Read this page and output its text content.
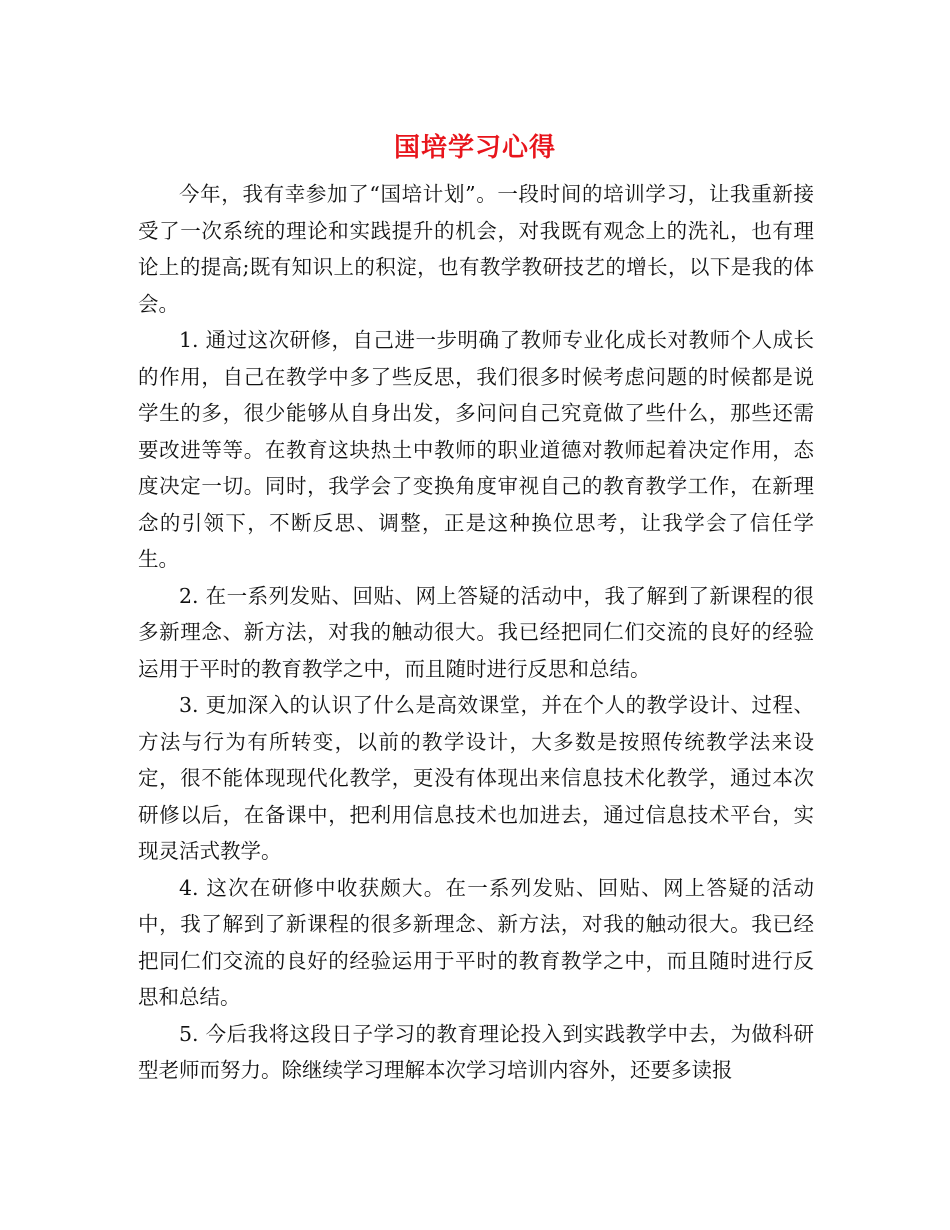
国培学习心得

今年，我有幸参加了“国培计划”。一段时间的培训学习，让我重新接受了一次系统的理论和实践提升的机会，对我既有观念上的洗礼，也有理论上的提高;既有知识上的积淀，也有教学教研技艺的增长，以下是我的体会。

1. 通过这次研修，自己进一步明确了教师专业化成长对教师个人成长的作用，自己在教学中多了些反思，我们很多时候考虑问题的时候都是说学生的多，很少能够从自身出发，多问问自己究竟做了些什么，那些还需要改进等等。在教育这块热土中教师的职业道德对教师起着决定作用，态度决定一切。同时，我学会了变换角度审视自己的教育教学工作，在新理念的引领下，不断反思、调整，正是这种换位思考，让我学会了信任学生。

2. 在一系列发贴、回贴、网上答疑的活动中，我了解到了新课程的很多新理念、新方法，对我的触动很大。我已经把同仁们交流的良好的经验运用于平时的教育教学之中，而且随时进行反思和总结。

3. 更加深入的认识了什么是高效课堂，并在个人的教学设计、过程、方法与行为有所转变，以前的教学设计，大多数是按照传统教学法来设定，很不能体现现代化教学，更没有体现出来信息技术化教学，通过本次研修以后，在备课中，把利用信息技术也加进去，通过信息技术平台，实现灵活式教学。

4. 这次在研修中收获颇大。在一系列发贴、回贴、网上答疑的活动中，我了解到了新课程的很多新理念、新方法，对我的触动很大。我已经把同仁们交流的良好的经验运用于平时的教育教学之中，而且随时进行反思和总结。

5. 今后我将这段日子学习的教育理论投入到实践教学中去，为做科研型老师而努力。除继续学习理解本次学习培训内容外，还要多读报
